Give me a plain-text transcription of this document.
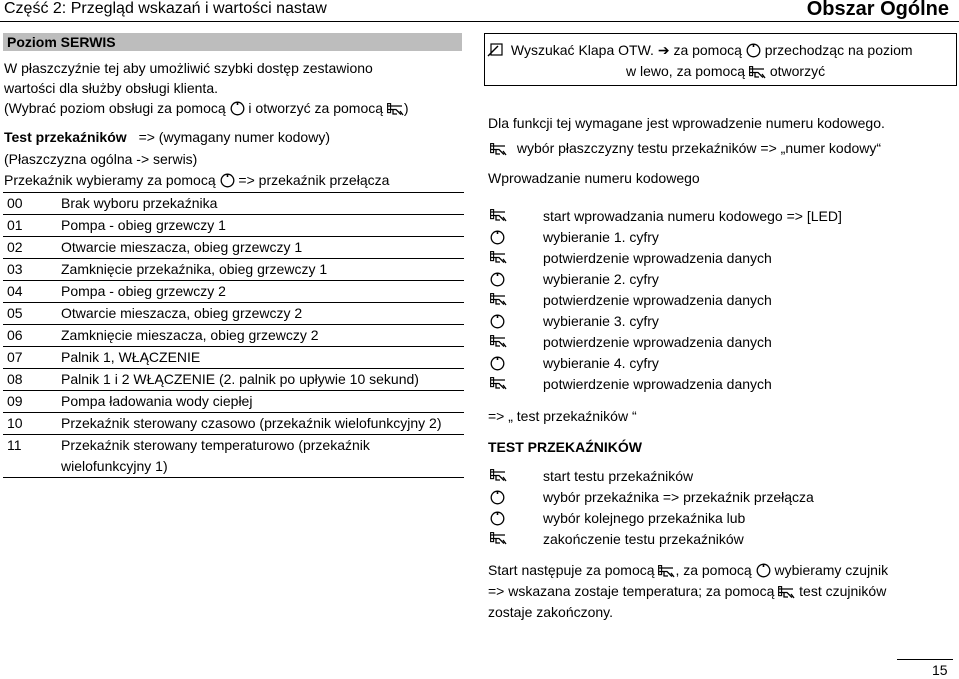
Część 2: Przegląd wskazań i wartości nastaw	Obszar Ogólne
Poziom SERWIS
W płaszczyźnie tej aby umożliwić szybki dostęp zestawiono
wartości dla służby obsługi klienta.
(Wybrać poziom obsługi za pomocą i otworzyć za pomocą )
Test przekaźników => (wymagany numer kodowy)
(Płaszczyzna ogólna -> serwis)
Przekaźnik wybieramy za pomocą => przekaźnik przełącza
00	Brak wyboru przekaźnika
01	Pompa - obieg grzewczy 1
02	Otwarcie mieszacza, obieg grzewczy 1
03	Zamknięcie przekaźnika, obieg grzewczy 1
04	Pompa - obieg grzewczy 2
05	Otwarcie mieszacza, obieg grzewczy 2
06	Zamknięcie mieszacza, obieg grzewczy 2
07	Palnik 1, WŁĄCZENIE
08	Palnik 1 i 2 WŁĄCZENIE (2. palnik po upływie 10 sekund)
09	Pompa ładowania wody ciepłej
10	Przekaźnik sterowany czasowo (przekaźnik wielofunkcyjny 2)
11	Przekaźnik sterowany temperaturowo (przekaźnik wielofunkcyjny 1)
Wyszukać Klapa OTW. ➔ za pomocą przechodząc na poziom
w lewo, za pomocą otworzyć
Dla funkcji tej wymagane jest wprowadzenie numeru kodowego.
wybór płaszczyzny testu przekaźników => „numer kodowy“
Wprowadzanie numeru kodowego
start wprowadzania numeru kodowego => [LED]
wybieranie 1. cyfry
potwierdzenie wprowadzenia danych
wybieranie 2. cyfry
potwierdzenie wprowadzenia danych
wybieranie 3. cyfry
potwierdzenie wprowadzenia danych
wybieranie 4. cyfry
potwierdzenie wprowadzenia danych
=> „ test przekaźników “
TEST PRZEKAŹNIKÓW
start testu przekaźników
wybór przekaźnika => przekaźnik przełącza
wybór kolejnego przekaźnika lub
zakończenie testu przekaźników
Start następuje za pomocą , za pomocą wybieramy czujnik
=> wskazana zostaje temperatura; za pomocą test czujników
zostaje zakończony.
15
